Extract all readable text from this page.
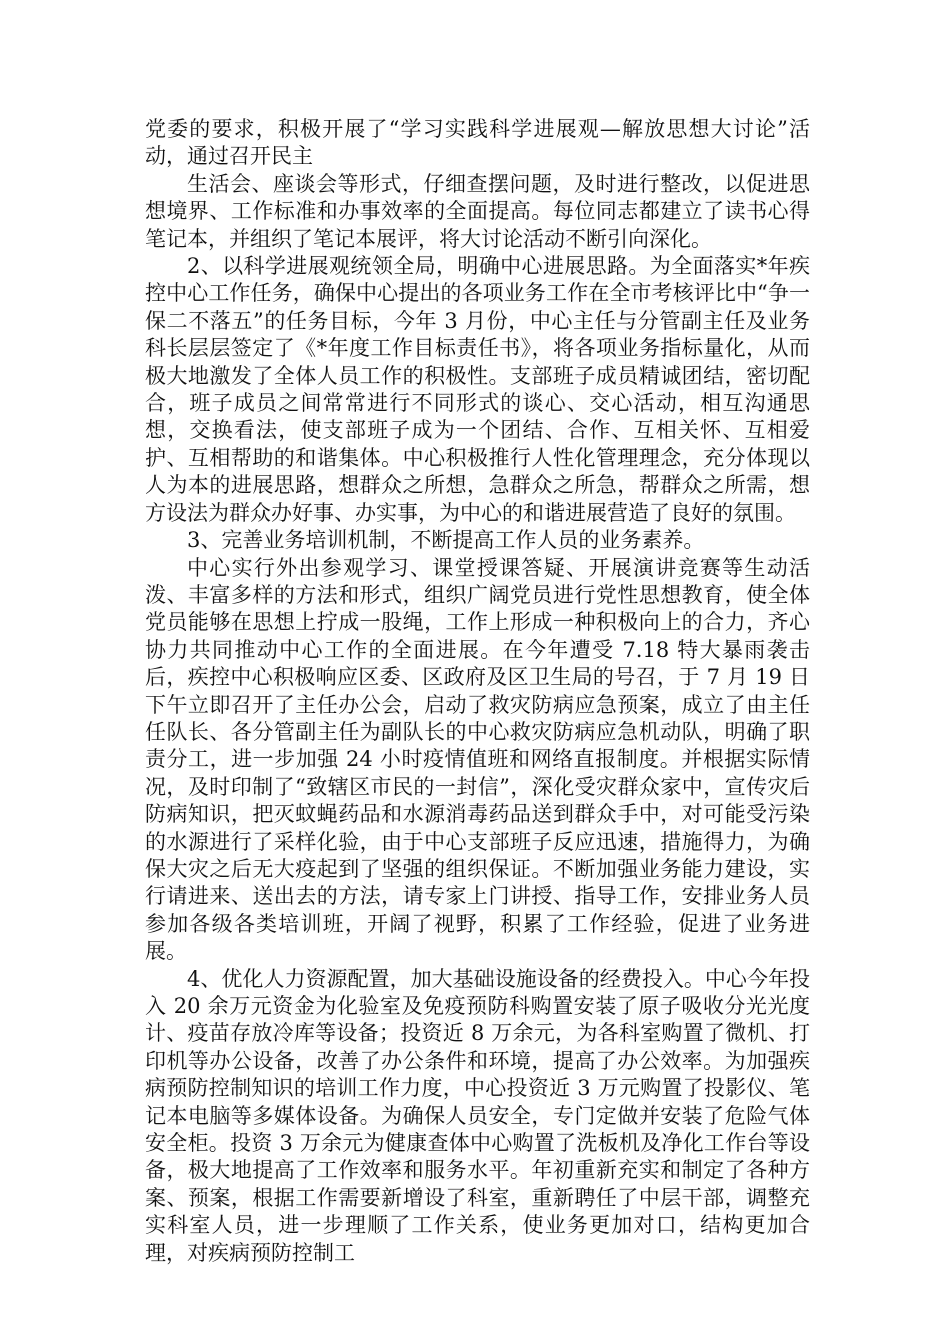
党委的要求，积极开展了“学习实践科学进展观—解放思想大讨论”活动，通过召开民主

生活会、座谈会等形式，仔细查摆问题，及时进行整改，以促进思想境界、工作标准和办事效率的全面提高。每位同志都建立了读书心得笔记本，并组织了笔记本展评，将大讨论活动不断引向深化。

2、以科学进展观统领全局，明确中心进展思路。为全面落实*年疾控中心工作任务，确保中心提出的各项业务工作在全市考核评比中“争一保二不落五”的任务目标，今年 3 月份，中心主任与分管副主任及业务科长层层签定了《*年度工作目标责任书》，将各项业务指标量化，从而极大地激发了全体人员工作的积极性。支部班子成员精诚团结，密切配合，班子成员之间常常进行不同形式的谈心、交心活动，相互沟通思想，交换看法，使支部班子成为一个团结、合作、互相关怀、互相爱护、互相帮助的和谐集体。中心积极推行人性化管理理念，充分体现以人为本的进展思路，想群众之所想，急群众之所急，帮群众之所需，想方设法为群众办好事、办实事，为中心的和谐进展营造了良好的氛围。

3、完善业务培训机制，不断提高工作人员的业务素养。

中心实行外出参观学习、课堂授课答疑、开展演讲竞赛等生动活泼、丰富多样的方法和形式，组织广阔党员进行党性思想教育，使全体党员能够在思想上拧成一股绳，工作上形成一种积极向上的合力，齐心协力共同推动中心工作的全面进展。在今年遭受 7.18 特大暴雨袭击后，疾控中心积极响应区委、区政府及区卫生局的号召，于 7 月 19 日下午立即召开了主任办公会，启动了救灾防病应急预案，成立了由主任任队长、各分管副主任为副队长的中心救灾防病应急机动队，明确了职责分工，进一步加强 24 小时疫情值班和网络直报制度。并根据实际情况，及时印制了“致辖区市民的一封信”，深化受灾群众家中，宣传灾后防病知识，把灭蚊蝇药品和水源消毒药品送到群众手中，对可能受污染的水源进行了采样化验，由于中心支部班子反应迅速，措施得力，为确保大灾之后无大疫起到了坚强的组织保证。不断加强业务能力建设，实行请进来、送出去的方法，请专家上门讲授、指导工作，安排业务人员参加各级各类培训班，开阔了视野，积累了工作经验，促进了业务进展。

4、优化人力资源配置，加大基础设施设备的经费投入。中心今年投入 20 余万元资金为化验室及免疫预防科购置安装了原子吸收分光光度计、疫苗存放冷库等设备；投资近 8 万余元，为各科室购置了微机、打印机等办公设备，改善了办公条件和环境，提高了办公效率。为加强疾病预防控制知识的培训工作力度，中心投资近 3 万元购置了投影仪、笔记本电脑等多媒体设备。为确保人员安全，专门定做并安装了危险气体安全柜。投资 3 万余元为健康查体中心购置了洗板机及净化工作台等设备，极大地提高了工作效率和服务水平。年初重新充实和制定了各种方案、预案，根据工作需要新增设了科室，重新聘任了中层干部，调整充实科室人员，进一步理顺了工作关系，使业务更加对口，结构更加合理，对疾病预防控制工
